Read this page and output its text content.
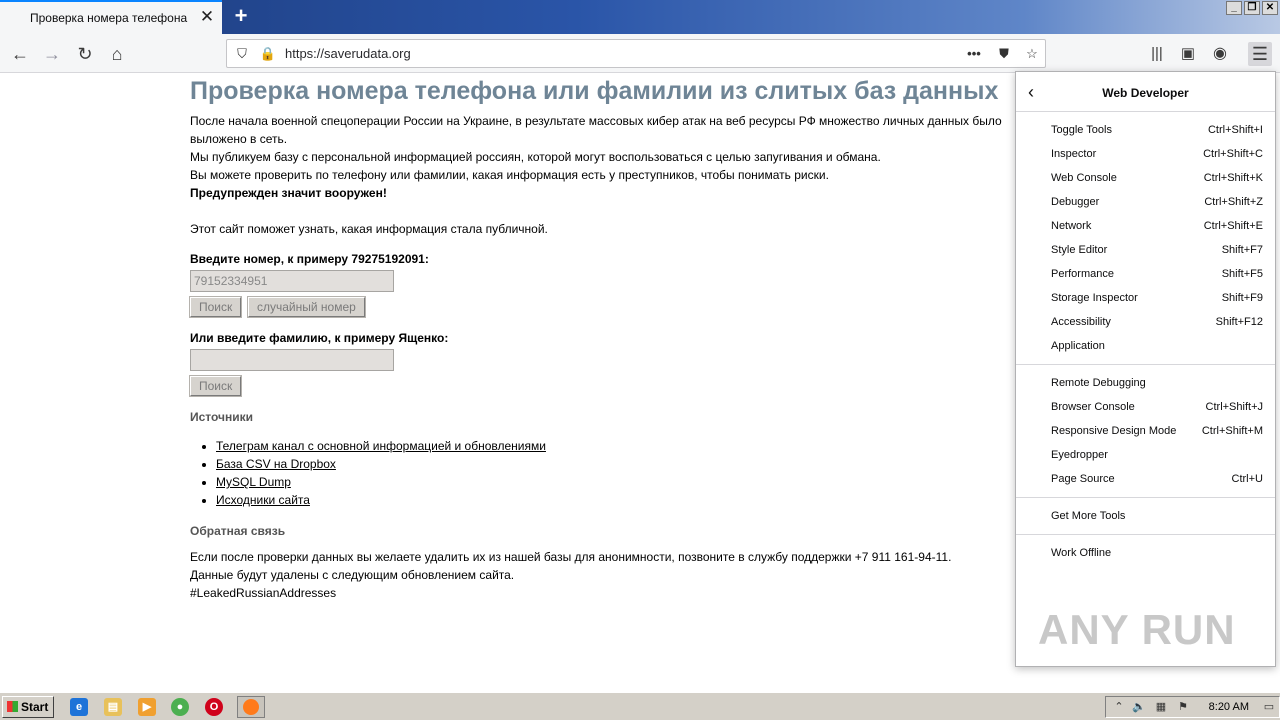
Проверка номера телефона ✕ +	_	❐ ✕
← → ↻	⌂	⛉	🔒 https://saverudata.org	•••	⛊	☆	|||	▣	◉ ☰
Проверка номера телефона или фамилии из слитых баз данных
После начала военной спецоперации России на Украине, в результате массовых кибер атак на веб ресурсы РФ множество личных данных было
выложено в сеть.
Мы публикуем базу с персональной информацией россиян, которой могут воспользоваться с целью запугивания и обмана.
Вы можете проверить по телефону или фамилии, какая информация есть у преступников, чтобы понимать риски.
Предупрежден значит вооружен!
Этот сайт поможет узнать, какая информация стала публичной.
Введите номер, к примеру 79275192091:
79152334951
Поиск	случайный номер
Или введите фамилию, к примеру Ященко:
Поиск
Источники
• Телеграм канал с основной информацией и обновлениями
• База CSV на Dropbox
• MySQL Dump
• Исходники сайта
Обратная связь
Если после проверки данных вы желаете удалить их из нашей базы для анонимности, позвоните в службу поддержки +7 911 161-94-11.
Данные будут удалены с следующим обновлением сайта.
#LeakedRussianAddresses
‹	Web Developer
Toggle Tools	Ctrl+Shift+I
Inspector	Ctrl+Shift+C
Web Console	Ctrl+Shift+K
Debugger	Ctrl+Shift+Z
Network	Ctrl+Shift+E
Style Editor	Shift+F7
Performance	Shift+F5
Storage Inspector	Shift+F9
Accessibility	Shift+F12
Application
Remote Debugging
Browser Console	Ctrl+Shift+J
Responsive Design Mode Ctrl+Shift+M
Eyedropper
Page Source	Ctrl+U
Get More Tools
Work Offline
ANY RUN
Start	e	▤	▶	●	O	⌃ 🔈 ▦ ⚑ 8:20 AM ▭
